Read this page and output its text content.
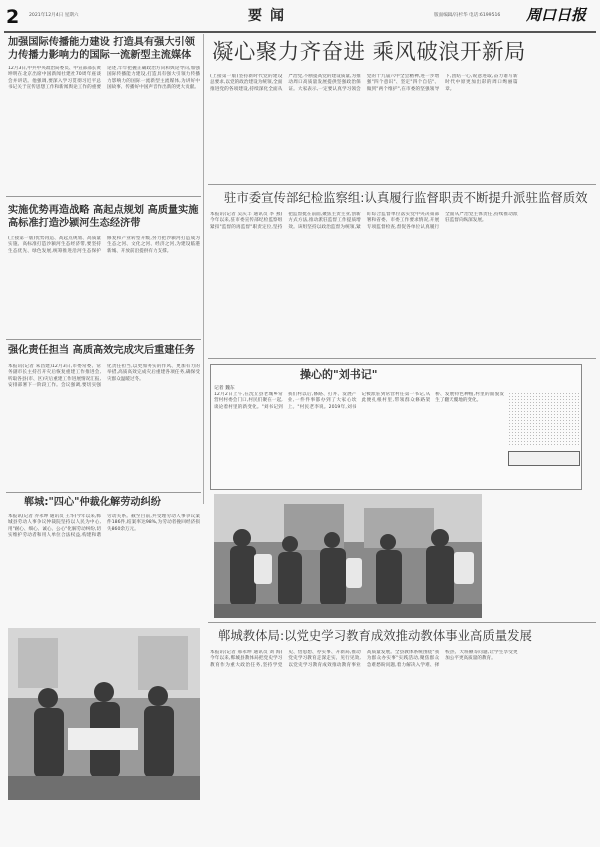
2 2021年12月4日 星期六	要闻	版面编辑/冯杉华 电话:6199516 周口日报
加强国际传播能力建设 打造具有强大引领力传播力影响力的国际一流新型主流媒体
12月3日,中共中央政治局委员、中宣部部长黄坤明在北京出席中国新闻社建社70周年座谈会并讲话。他强调,要深入学习贯彻习近平总书记关于宣传思想工作和新闻舆论工作的重要论述,牢牢把握正确政治方向和舆论导向,加强国际传播能力建设,打造具有强大引领力传播力影响力的国际一流新型主流媒体,为讲好中国故事、传播好中国声音作出新的更大贡献。
实施优势再造战略 高起点规划 高质量实施 高标准打造沙颍河生态经济带
(上接第一版)优势再造、高起点规划、高质量实施、高标准打造沙颍河生态经济带,要坚持生态优先、绿色发展,统筹推进沿河生态保护修复和产业转型升级,努力把沙颍河打造成为生态之河、文化之河、经济之河,为建设临港新城、开放前沿提供有力支撑。
强化责任担当 高质高效完成灾后重建任务
本报讯(记者 朱昌建)12月3日,市委常委、常务副市长主持召开灾后恢复重建工作推进会,听取各县(市、区)灾后重建工作进展情况汇报,安排部署下一阶段工作。会议强调,要切实强化责任担当,以更加务实的作风、更加有力的举措,高质高效完成灾后重建各项任务,确保受灾群众温暖过冬。
凝心聚力齐奋进 乘风破浪开新局
(上接第一版)坚持新时代党的建设总要求,以党的政治建设为统领,全面推进党的各项建设,持续深化全面从严治党,不断提高党的建设质量,为推动周口高质量发展提供坚强政治保证。大家表示,一定要认真学习领会党的十九届六中全会精神,进一步增强"四个意识"、坚定"四个自信"、做到"两个维护",在市委的坚强领导下,团结一心,锐意进取,奋力谱写新时代中原更加出彩的周口绚丽篇章。
驻市委宣传部纪检监察组:认真履行监督职责不断提升派驻监督质效
本报讯(记者 吴庆丰 通讯员 李 燕)今年以来,驻市委宣传部纪检监察组紧扣"监督的再监督"职责定位,坚持把监督挺在前面,聚焦主责主业,创新方式方法,推动派驻监督工作提质增效。该组坚持以政治监督为统领,紧盯综合监督单位落实党中央决策部署和省委、市委工作要求情况,开展专项监督检查,督促各单位认真履行全面从严治党主体责任,持续推动派驻监督向纵深发展。
操心的"刘书记"
记者 魏东
12月2日上午,在沈丘县老城乡常营村村委会门口,村民们聚在一起,谈论着村里的新变化。"刘书记到我们村以后,修路、打井、发展产业,一件件事都办到了大家心坎上。"村民老李说。2019年,刘书记被派驻到常营村任第一书记,从此便扎根村里,带领群众修路架桥、发展特色种植,村里的面貌发生了翻天覆地的变化。
郸城:"四心"仲裁化解劳动纠纷
本报讯(记者 乔永坤 通讯员 王华)今年以来,郸城县劳动人事争议仲裁院坚持以人民为中心,用"耐心、细心、诚心、公心"化解劳动纠纷,切实维护劳动者和用人单位合法权益,构建和谐劳动关系。截至目前,共受理劳动人事争议案件186件,结案率达98%,为劳动者挽回经济损失860余万元。
郸城教体局:以党史学习教育成效推动教体事业高质量发展
本报讯(记者 邢永坤 通讯员 刘 海)今年以来,郸城县教体局把党史学习教育作为重大政治任务,坚持学党史、悟思想、办实事、开新局,推动党史学习教育走深走实、见行见效,以党史学习教育成效推动教育事业高质量发展。全县教体系统围绕"我为群众办实事"实践活动,聚焦群众急难愁盼问题,着力解决入学难、择校热、大班额等问题,让学生享受更加公平更高质量的教育。
